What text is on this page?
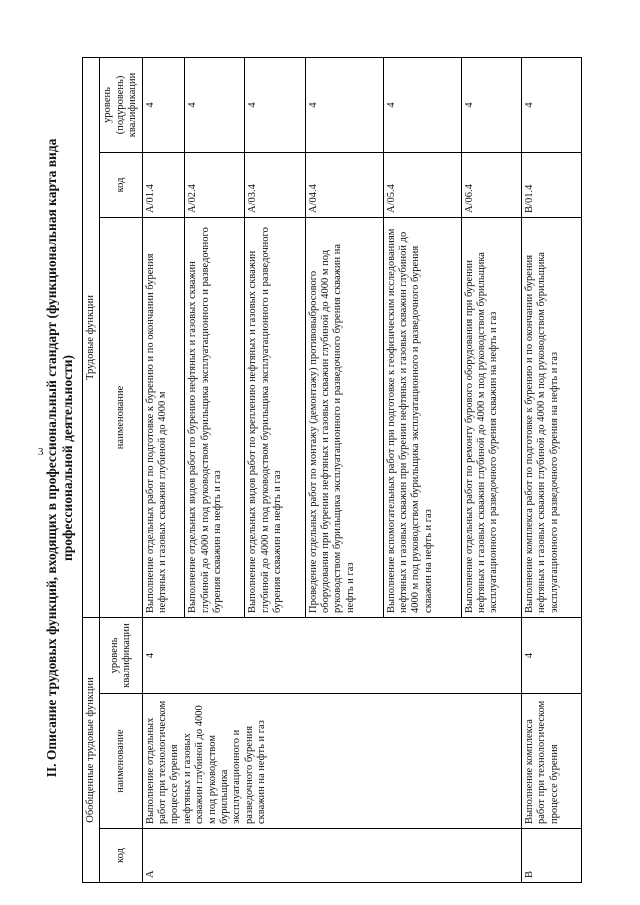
3 II. Описание трудовых функций, входящих в профессиональный стандарт (функциональная карта вида профессиональной деятельности)
Обобщенные трудовые функции			Трудовые функции		
код	наименование	уровень квалификации	наименование	код	уровень (подуровень) квалификации
А	Выполнение отдельных работ при технологическом процессе бурения нефтяных и газовых скважин глубиной до 4000 м под руководством бурильщика эксплуатационного и разведочного бурения скважин на нефть и газ	4	Выполнение отдельных работ по подготовке к бурению и по окончании бурения нефтяных и газовых скважин глубиной до 4000 м	A/01.4	4
			Выполнение отдельных видов работ по бурению нефтяных и газовых скважин глубиной до 4000 м под руководством бурильщика эксплуатационного и разведочного бурения скважин на нефть и газ	A/02.4	4
			Выполнение отдельных видов работ по креплению нефтяных и газовых скважин глубиной до 4000 м под руководством бурильщика эксплуатационного и разведочного бурения скважин на нефть и газ	A/03.4	4
			Проведение отдельных работ по монтажу (демонтажу) противовыбросового оборудования при бурении нефтяных и газовых скважин глубиной до 4000 м под руководством бурильщика эксплуатационного и разведочного бурения скважин на нефть и газ	A/04.4	4
			Выполнение вспомогательных работ при подготовке к геофизическим исследованиям нефтяных и газовых скважин при бурении нефтяных и газовых скважин глубиной до 4000 м под руководством бурильщика эксплуатационного и разведочного бурения скважин на нефть и газ	A/05.4	4
			Выполнение отдельных работ по ремонту бурового оборудования при бурении нефтяных и газовых скважин глубиной до 4000 м под руководством бурильщика эксплуатационного и разведочного бурения скважин на нефть и газ	A/06.4	4
В	Выполнение комплекса работ при технологическом процессе бурения	4	Выполнение комплекса работ по подготовке к бурению и по окончании бурения нефтяных и газовых скважин глубиной до 4000 м под руководством бурильщика эксплуатационного и разведочного бурения на нефть и газ	B/01.4	4
